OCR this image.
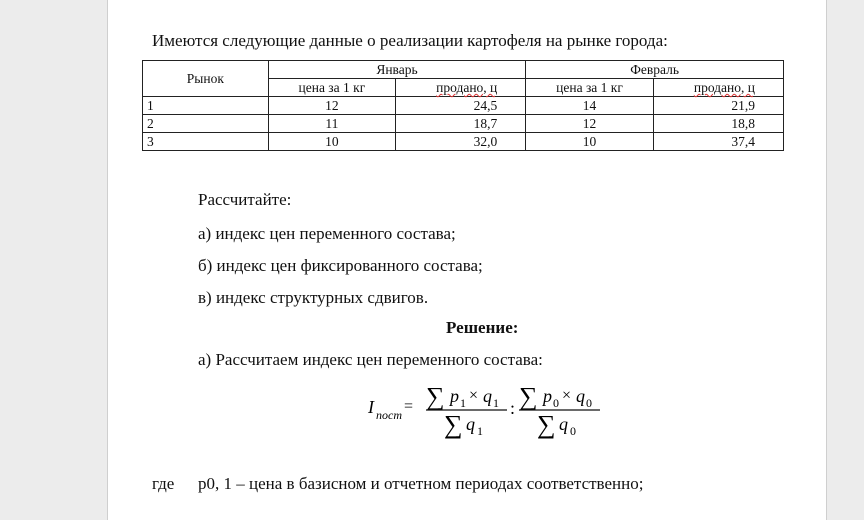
Имеются следующие данные о реализации картофеля на рынке города:
Рынок	Январь		Февраль	
	цена за 1 кг	продано, ц	цена за 1 кг	продано, ц
1	12	24,5	14	21,9
2	11	18,7	12	18,8
3	10	32,0	10	37,4
Рассчитайте:
а) индекс цен переменного состава;
б) индекс цен фиксированного состава;
в) индекс структурных сдвигов.
Решение:
а) Рассчитаем индекс цен переменного состава:
I пост = ∑ p 1 × q 1
∑ q 1
: ∑ p 0 × q 0
∑ q 0
где p0, 1 – цена в базисном и отчетном периодах соответственно;
